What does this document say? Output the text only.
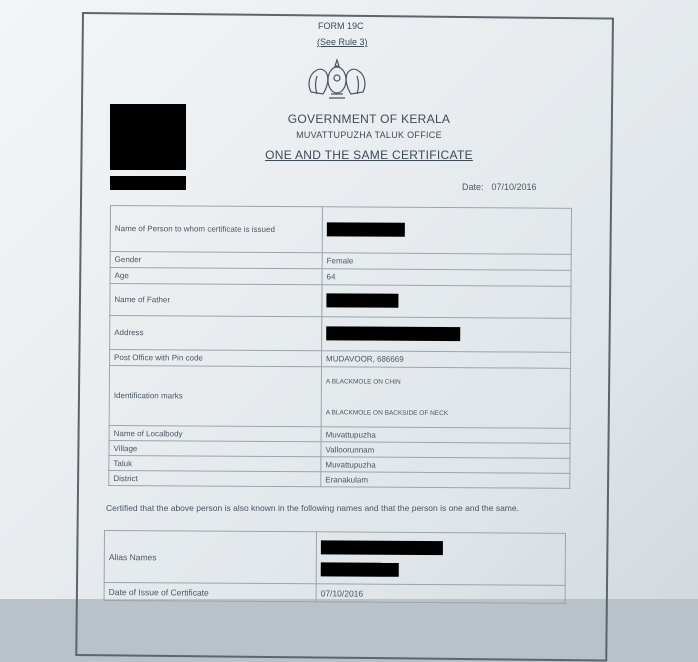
FORM 19C
(See Rule 3)
GOVERNMENT OF KERALA
MUVATTUPUZHA TALUK OFFICE
ONE AND THE SAME CERTIFICATE
Date: 07/10/2016
Name of Person to whom certificate is issued	
Gender	Female
Age	64
Name of Father	
Address	
Post Office with Pin code	MUDAVOOR, 686669
Identification marks	A BLACKMOLE ON CHIN
A BLACKMOLE ON BACKSIDE OF NECK

Name of Localbody	Muvattupuzha
Village	Valloorunnam
Taluk	Muvattupuzha
District	Eranakulam
Certified that the above person is also known in the following names and that the person is one and the same.
Alias Names	

Date of Issue of Certificate	07/10/2016
